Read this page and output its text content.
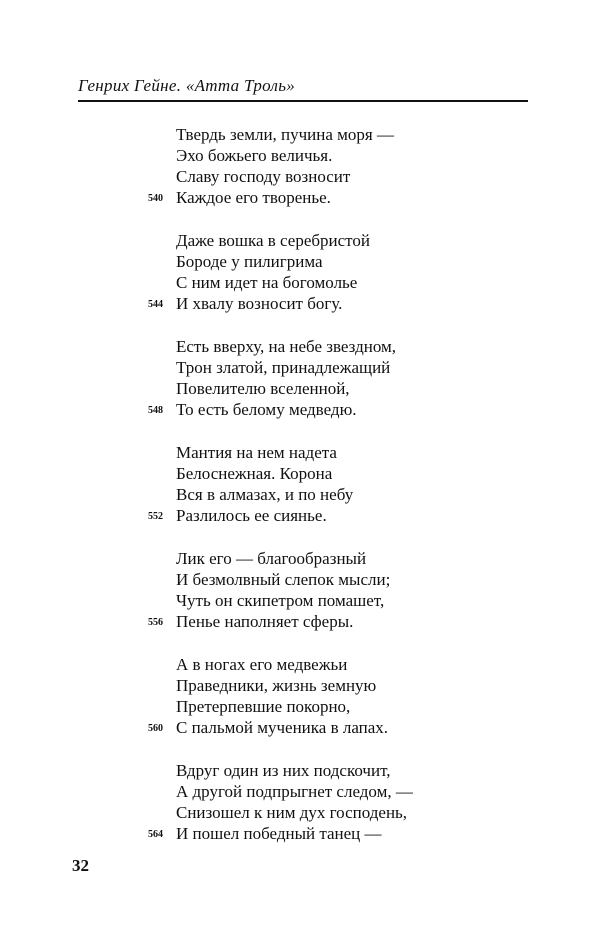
Генрих Гейне. «Атта Троль»
Твердь земли, пучина моря —
Эхо божьего величья.
Славу господу возносит
540 Каждое его творенье.
Даже вошка в серебристой
Бороде у пилигрима
С ним идет на богомолье
544 И хвалу возносит богу.
Есть вверху, на небе звездном,
Трон златой, принадлежащий
Повелителю вселенной,
548 То есть белому медведю.
Мантия на нем надета
Белоснежная. Корона
Вся в алмазах, и по небу
552 Разлилось ее сиянье.
Лик его — благообразный
И безмолвный слепок мысли;
Чуть он скипетром помашет,
556 Пенье наполняет сферы.
А в ногах его медвежьи
Праведники, жизнь земную
Претерпевшие покорно,
560 С пальмой мученика в лапах.
Вдруг один из них подскочит,
А другой подпрыгнет следом, —
Снизошел к ним дух господень,
564 И пошел победный танец —
32
